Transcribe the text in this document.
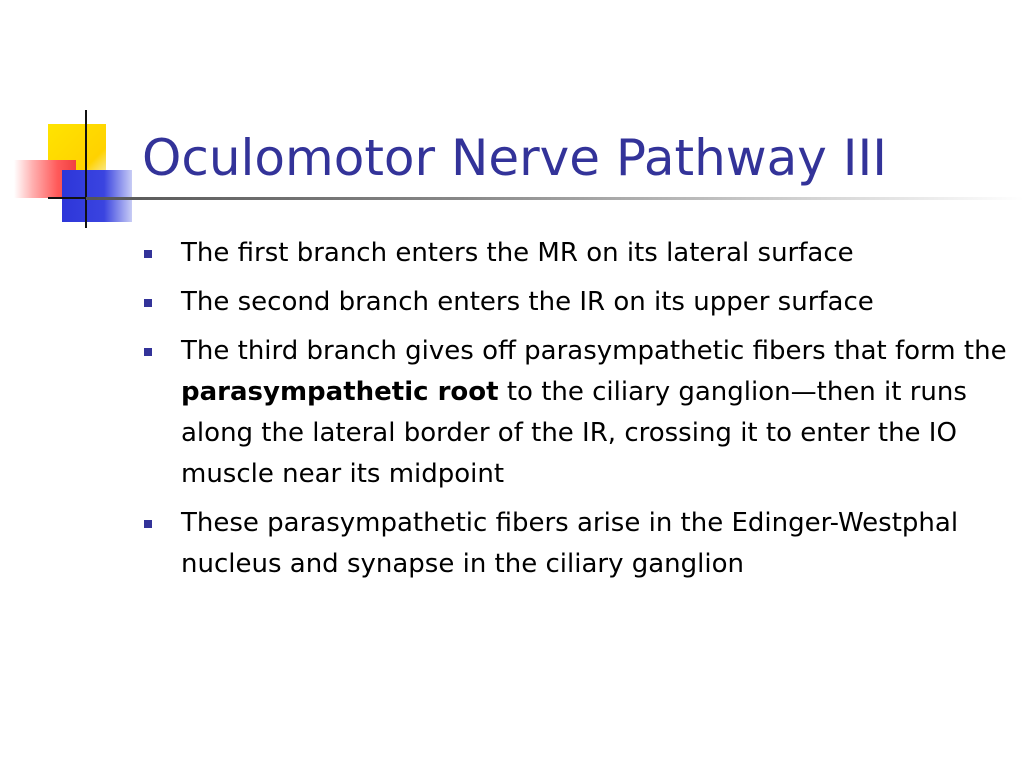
Oculomotor Nerve Pathway III
The first branch enters the MR on its lateral surface
The second branch enters the IR on its upper surface
The third branch gives off parasympathetic fibers that form the parasympathetic root to the ciliary ganglion—then it runs along the lateral border of the IR, crossing it to enter the IO muscle near its midpoint
These parasympathetic fibers arise in the Edinger-Westphal nucleus and synapse in the ciliary ganglion
